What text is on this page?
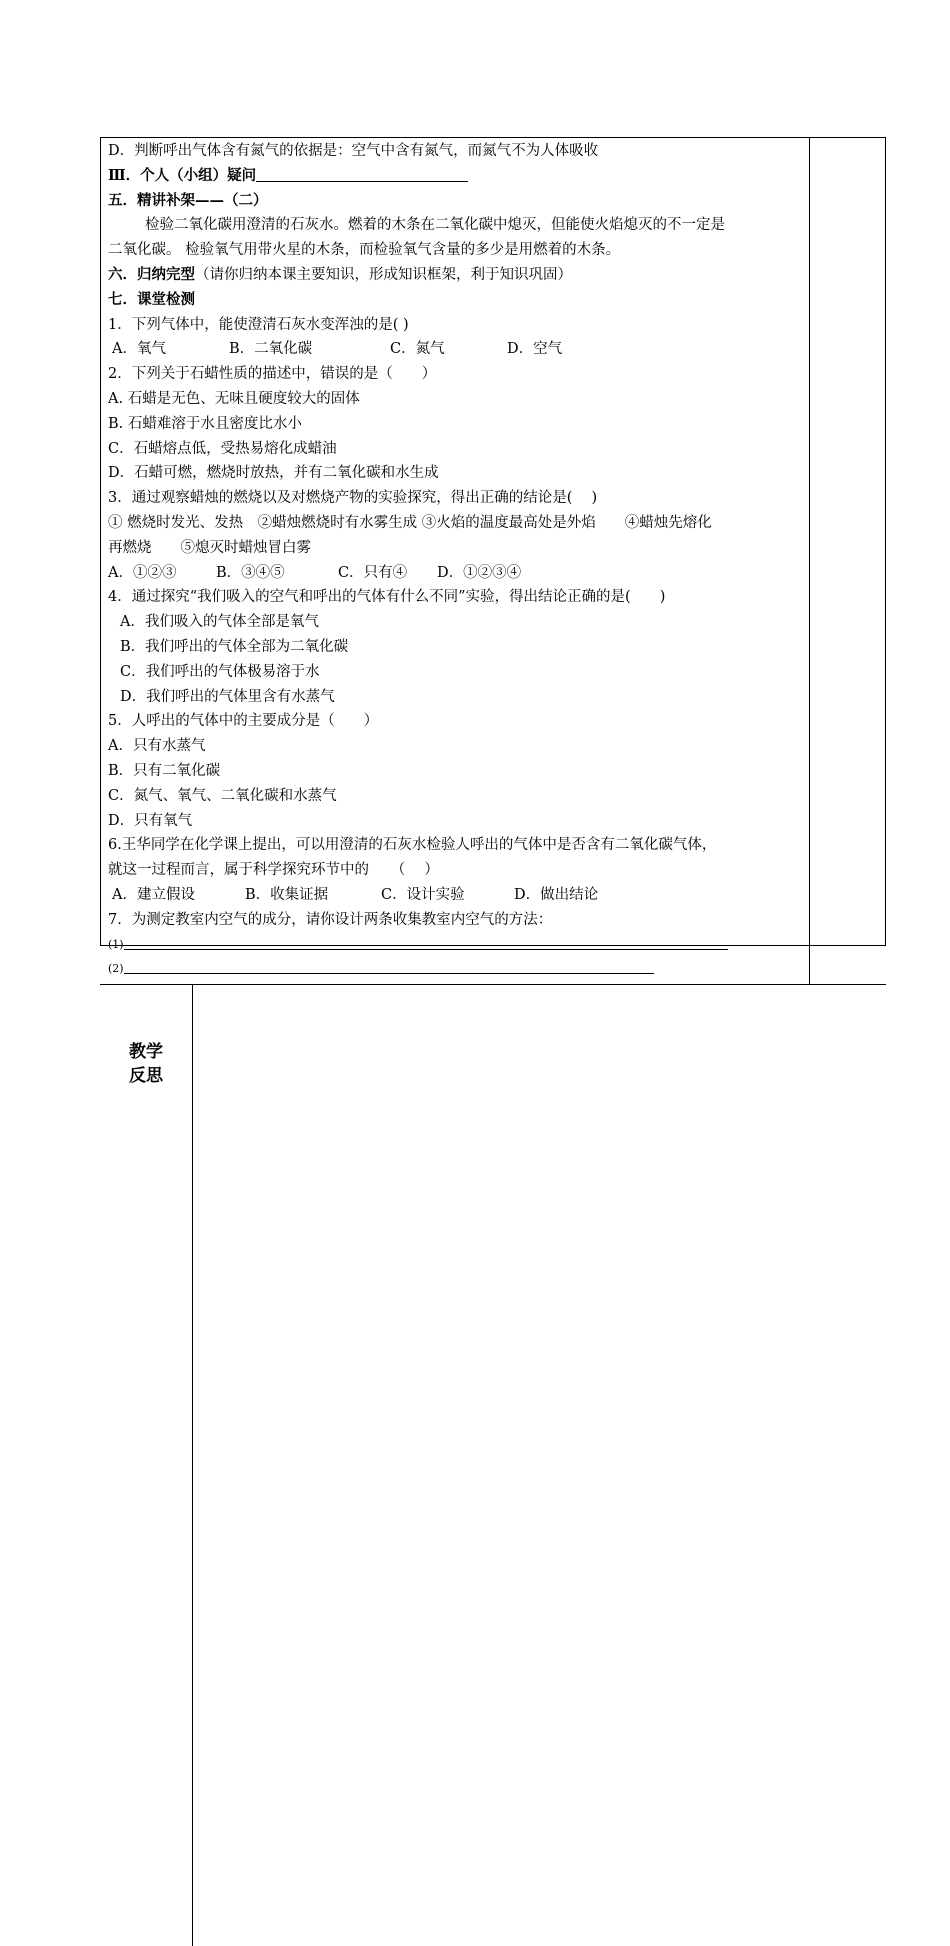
D．判断呼出气体含有氮气的依据是：空气中含有氮气，而氮气不为人体吸收
Ⅲ．个人（小组）疑问
五．精讲补架——（二）
检验二氧化碳用澄清的石灰水。燃着的木条在二氧化碳中熄灭，但能使火焰熄灭的不一定是
二氧化碳。 检验氧气用带火星的木条，而检验氧气含量的多少是用燃着的木条。
六．归纳完型（请你归纳本课主要知识，形成知识框架，利于知识巩固）
七．课堂检测
1．下列气体中，能使澄清石灰水变浑浊的是( )
A．氧气	B．二氧化碳	C．氮气	D．空气
2．下列关于石蜡性质的描述中，错误的是（　　）
A. 石蜡是无色、无味且硬度较大的固体
B. 石蜡难溶于水且密度比水小
C．石蜡熔点低，受热易熔化成蜡油
D．石蜡可燃，燃烧时放热，并有二氧化碳和水生成
3．通过观察蜡烛的燃烧以及对燃烧产物的实验探究，得出正确的结论是(　 )
① 燃烧时发光、发热　②蜡烛燃烧时有水雾生成 ③火焰的温度最高处是外焰　　④蜡烛先熔化
再燃烧　　⑤熄灭时蜡烛冒白雾
A．①②③	B．③④⑤	C．只有④ D．①②③④
4．通过探究“我们吸入的空气和呼出的气体有什么不同”实验，得出结论正确的是(　　)
A．我们吸入的气体全部是氧气
B．我们呼出的气体全部为二氧化碳
C．我们呼出的气体极易溶于水
D．我们呼出的气体里含有水蒸气
5．人呼出的气体中的主要成分是（　　）
A．只有水蒸气
B．只有二氧化碳
C．氮气、氧气、二氧化碳和水蒸气
D．只有氧气
6.王华同学在化学课上提出，可以用澄清的石灰水检验人呼出的气体中是否含有二氧化碳气体，
就这一过程而言，属于科学探究环节中的　　（　 ）
A．建立假设	B．收集证据	C．设计实验	D．做出结论
7．为测定教室内空气的成分，请你设计两条收集教室内空气的方法：
(1)
(2)
教学
反思
